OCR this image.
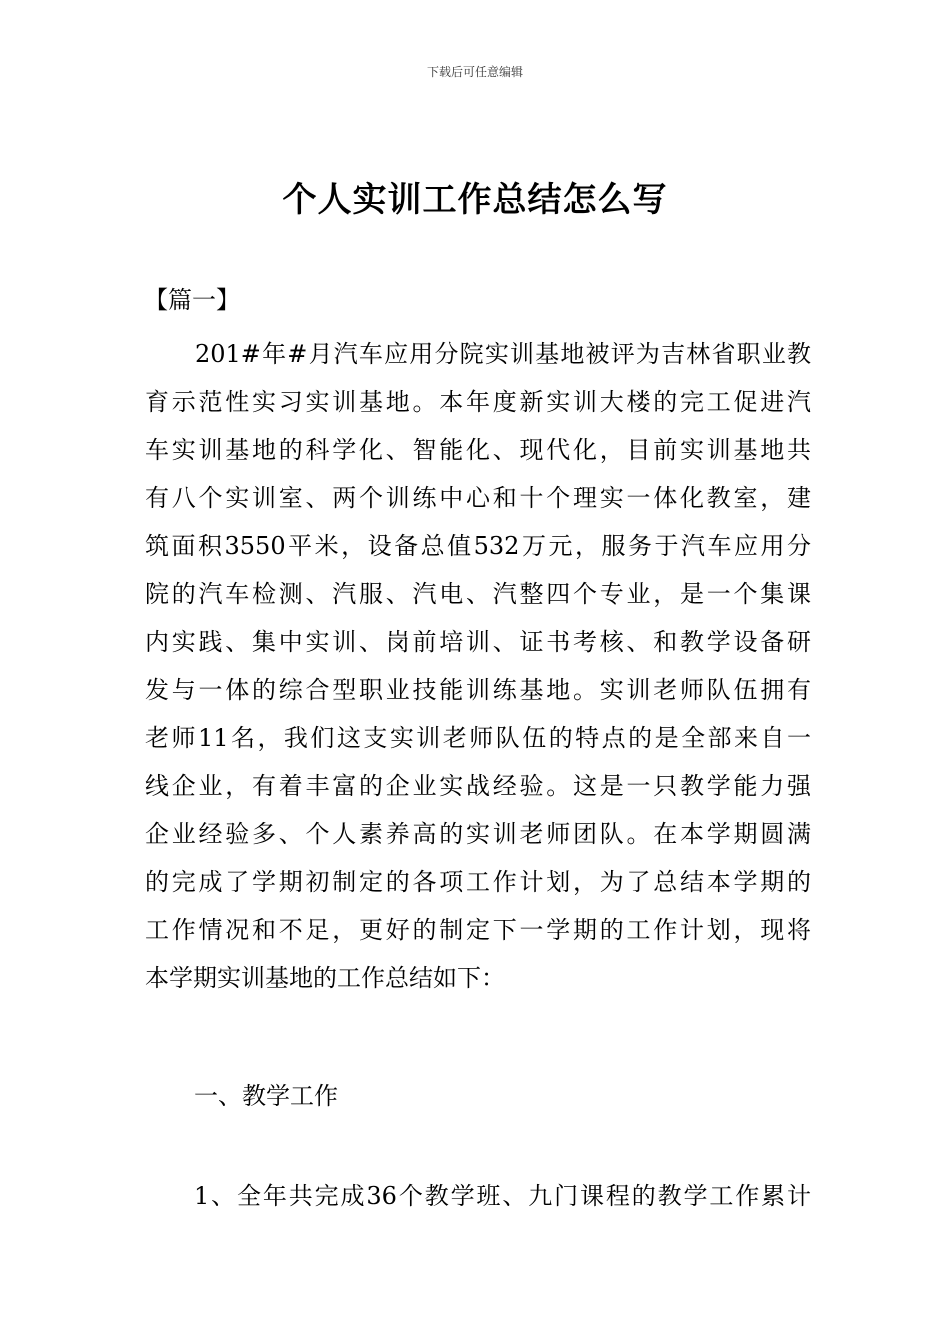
下载后可任意编辑
个人实训工作总结怎么写
【篇一】
201#年#月汽车应用分院实训基地被评为吉林省职业教
育示范性实习实训基地。本年度新实训大楼的完工促进汽
车实训基地的科学化、智能化、现代化，目前实训基地共
有八个实训室、两个训练中心和十个理实一体化教室，建
筑面积3550平米，设备总值532万元，服务于汽车应用分
院的汽车检测、汽服、汽电、汽整四个专业，是一个集课
内实践、集中实训、岗前培训、证书考核、和教学设备研
发与一体的综合型职业技能训练基地。实训老师队伍拥有
老师11名，我们这支实训老师队伍的特点的是全部来自一
线企业，有着丰富的企业实战经验。这是一只教学能力强
企业经验多、个人素养高的实训老师团队。在本学期圆满
的完成了学期初制定的各项工作计划，为了总结本学期的
工作情况和不足，更好的制定下一学期的工作计划，现将
本学期实训基地的工作总结如下：
一、教学工作
1、全年共完成36个教学班、九门课程的教学工作累计
